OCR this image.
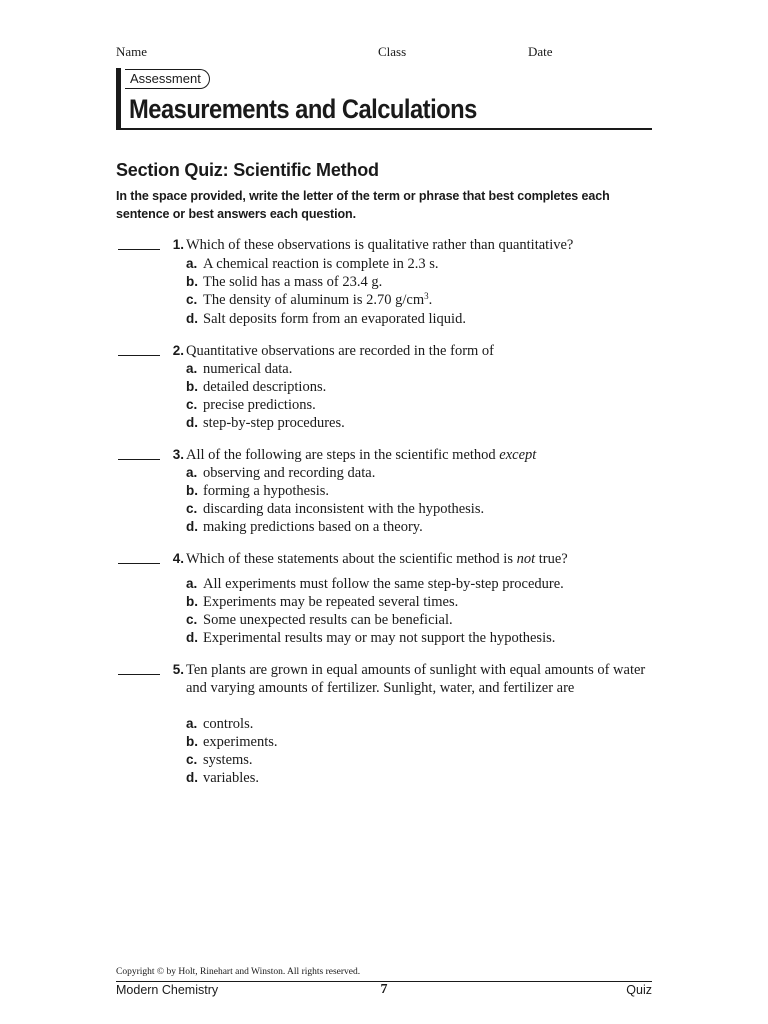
Name	Class	Date
Assessment
Measurements and Calculations
Section Quiz: Scientific Method
In the space provided, write the letter of the term or phrase that best completes each sentence or best answers each question.
1. Which of these observations is qualitative rather than quantitative?
a. A chemical reaction is complete in 2.3 s.
b. The solid has a mass of 23.4 g.
c. The density of aluminum is 2.70 $g/cm^3$.
d. Salt deposits form from an evaporated liquid.
2. Quantitative observations are recorded in the form of
a. numerical data.
b. detailed descriptions.
c. precise predictions.
d. step-by-step procedures.
3. All of the following are steps in the scientific method except
a. observing and recording data.
b. forming a hypothesis.
c. discarding data inconsistent with the hypothesis.
d. making predictions based on a theory.
4. Which of these statements about the scientific method is not true?
a. All experiments must follow the same step-by-step procedure.
b. Experiments may be repeated several times.
c. Some unexpected results can be beneficial.
d. Experimental results may or may not support the hypothesis.
5. Ten plants are grown in equal amounts of sunlight with equal amounts of water and varying amounts of fertilizer. Sunlight, water, and fertilizer are
a. controls.
b. experiments.
c. systems.
d. variables.
Copyright © by Holt, Rinehart and Winston. All rights reserved.
Modern Chemistry	7	Quiz
